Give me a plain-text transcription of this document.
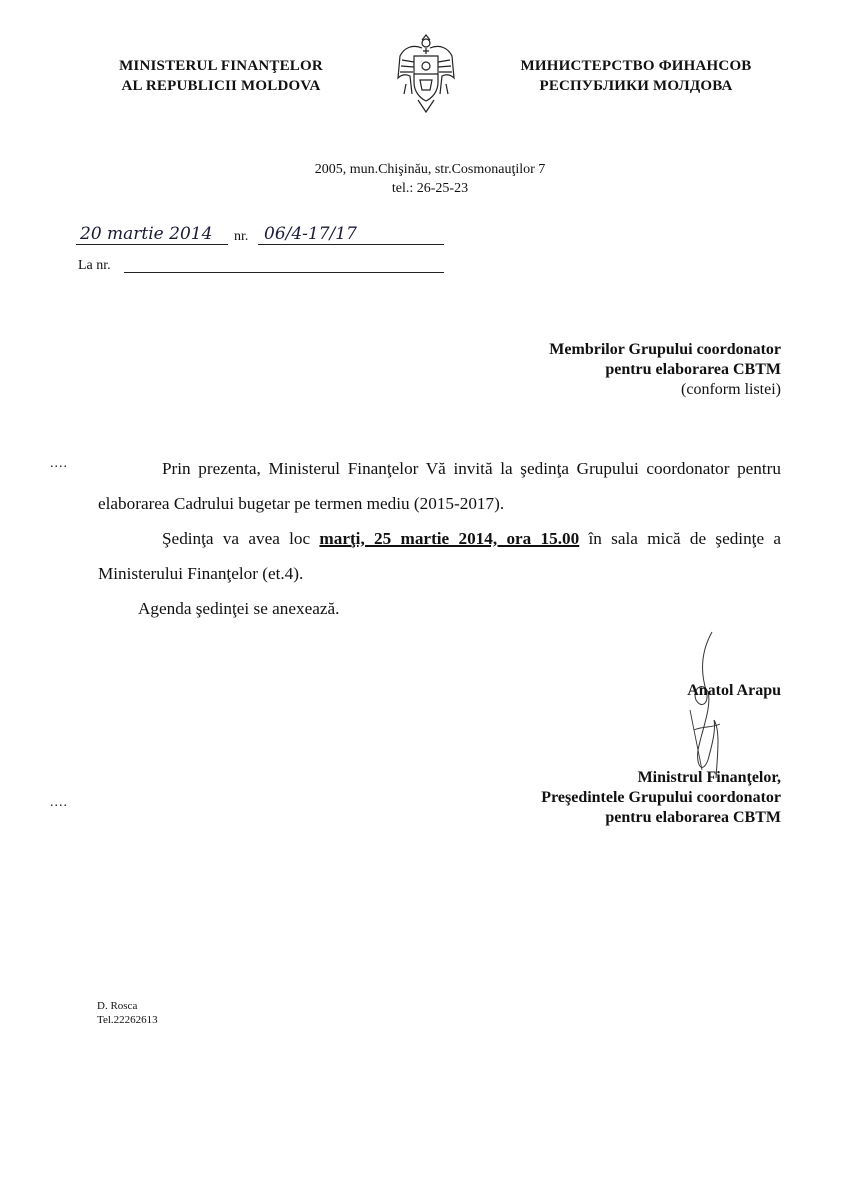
MINISTERUL FINANŢELOR
AL REPUBLICII MOLDOVA
МИНИСТЕРСТВО ФИНАНСОВ
РЕСПУБЛИКИ МОЛДОВА
2005, mun.Chişinău, str.Cosmonauţilor 7
tel.: 26-25-23
20 martie 2014 nr. 06/4-17/17
La nr.
Membrilor Grupului coordonator
pentru elaborarea CBTM
(conform listei)
....	Prin prezenta, Ministerul Finanţelor Vă invită la şedinţa Grupului coordonator pentru elaborarea Cadrului bugetar pe termen mediu (2015-2017).
Şedinţa va avea loc marţi, 25 martie 2014, ora 15.00 în sala mică de şedinţe a Ministerului Finanţelor (et.4).
Agenda şedinţei se anexează.
Anatol Arapu
Ministrul Finanţelor,
Preşedintele Grupului coordonator
pentru elaborarea CBTM
....
D. Rosca
Tel.22262613
